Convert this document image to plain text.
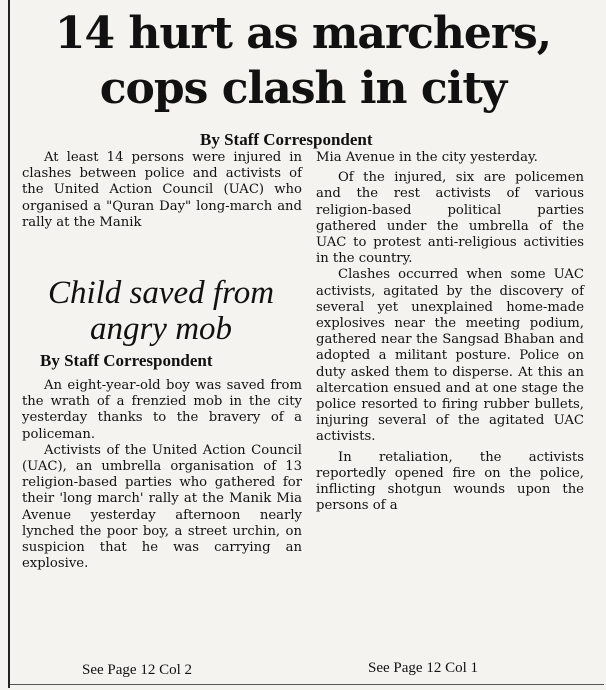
14 hurt as marchers,
cops clash in city
By Staff Correspondent

At least 14 persons were injured in clashes between police and activists of the United Action Council (UAC) who organised a "Quran Day" long-march and rally at the Manik

Child saved from
angry mob
By Staff Correspondent

An eight-year-old boy was saved from the wrath of a frenzied mob in the city yesterday thanks to the bravery of a policeman.

Activists of the United Action Council (UAC), an umbrella organisation of 13 religion-based parties who gathered for their 'long march' rally at the Manik Mia Avenue yesterday afternoon nearly lynched the poor boy, a street urchin, on suspicion that he was carrying an explosive.

See Page 12 Col 2

Mia Avenue in the city yesterday.

Of the injured, six are policemen and the rest activists of various religion-based political parties gathered under the umbrella of the UAC to protest anti-religious activities in the country.

Clashes occurred when some UAC activists, agitated by the discovery of several yet unexplained home-made explosives near the meeting podium, gathered near the Sangsad Bhaban and adopted a militant posture. Police on duty asked them to disperse. At this an altercation ensued and at one stage the police resorted to firing rubber bullets, injuring several of the agitated UAC activists.

In retaliation, the activists reportedly opened fire on the police, inflicting shotgun wounds upon the persons of a

See Page 12 Col 1
